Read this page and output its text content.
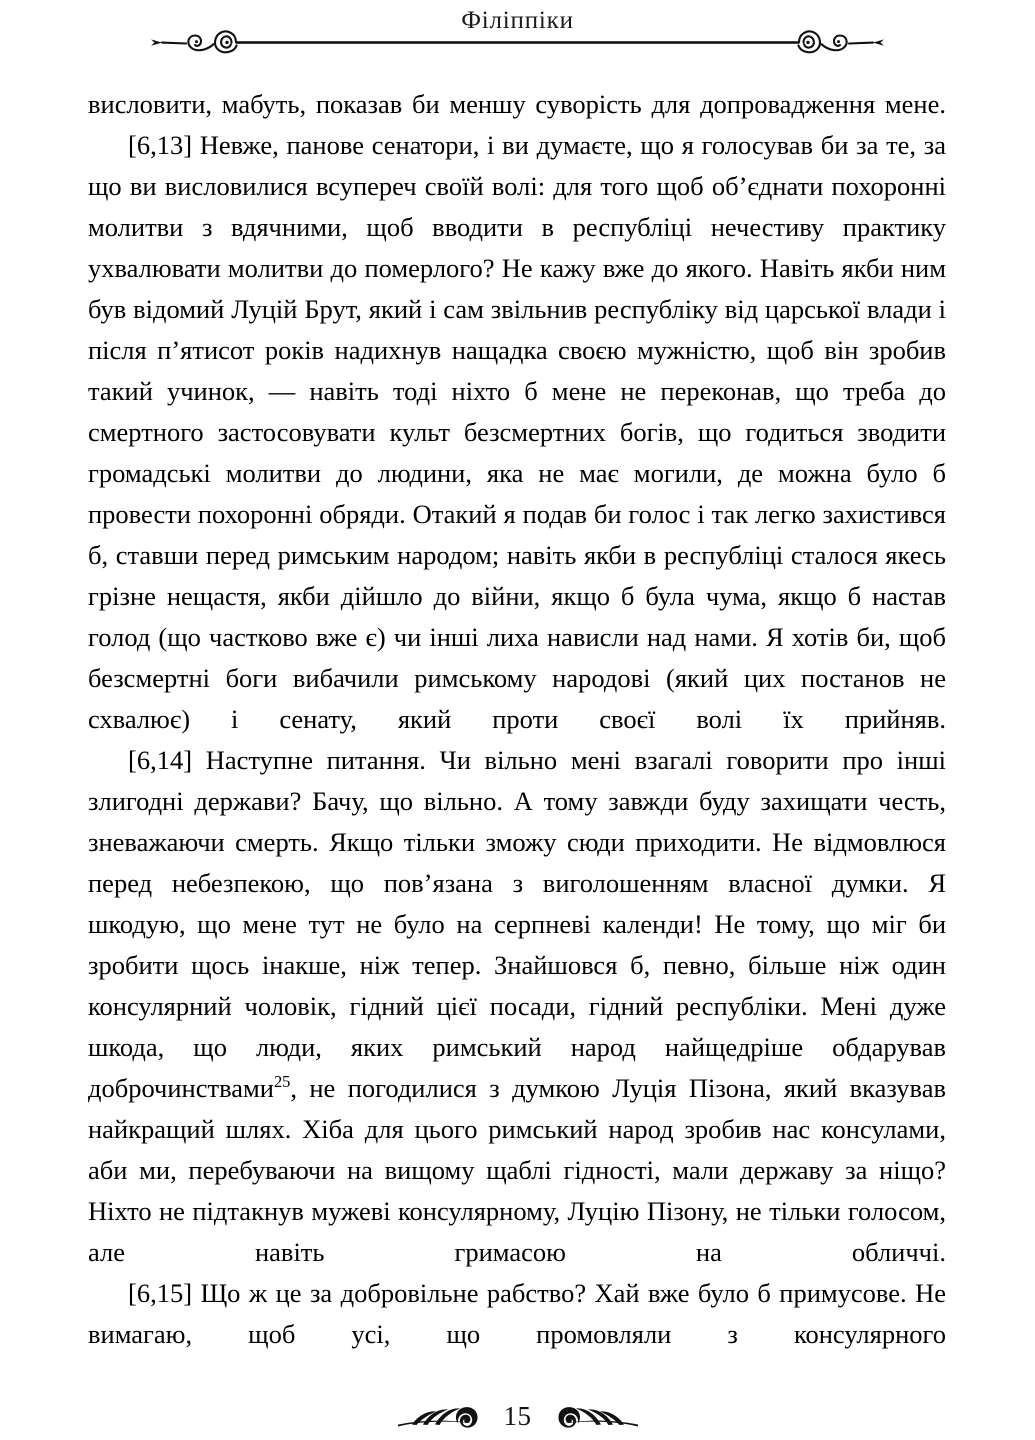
Філіппіки

висловити, мабуть, показав би меншу суворість для допровадження мене.

[6,13] Невже, панове сенатори, і ви думаєте, що я голосував би за те, за що ви висловилися всупереч своїй волі: для того щоб об’єднати похоронні молитви з вдячними, щоб вводити в республіці нечестиву практику ухвалювати молитви до померлого? Не кажу вже до якого. Навіть якби ним був відомий Луцій Брут, який і сам звільнив республіку від царської влади і після п’ятисот років надихнув нащадка своєю мужністю, щоб він зробив такий учинок, — навіть тоді ніхто б мене не переконав, що треба до смертного застосовувати культ безсмертних богів, що годиться зводити громадські молитви до людини, яка не має могили, де можна було б провести похоронні обряди. Отакий я подав би голос і так легко захистився б, ставши перед римським народом; навіть якби в республіці сталося якесь грізне нещастя, якби дійшло до війни, якщо б була чума, якщо б настав голод (що частково вже є) чи інші лиха нависли над нами. Я хотів би, щоб безсмертні боги вибачили римському народові (який цих постанов не схвалює) і сенату, який проти своєї волі їх прийняв.

[6,14] Наступне питання. Чи вільно мені взагалі говорити про інші злигодні держави? Бачу, що вільно. А тому завжди буду захищати честь, зневажаючи смерть. Якщо тільки зможу сюди приходити. Не відмовлюся перед небезпекою, що пов’язана з виголошенням власної думки. Я шкодую, що мене тут не було на серпневі календи! Не тому, що міг би зробити щось інакше, ніж тепер. Знайшовся б, певно, більше ніж один консулярний чоловік, гідний цієї посади, гідний республіки. Мені дуже шкода, що люди, яких римський народ найщедріше обдарував доброчинствами$^{25}$, не погодилися з думкою Луція Пізона, який вказував найкращий шлях. Хіба для цього римський народ зробив нас консулами, аби ми, перебуваючи на вищому щаблі гідності, мали державу за ніщо? Ніхто не підтакнув мужеві консулярному, Луцію Пізону, не тільки голосом, але навіть гримасою на обличчі.

[6,15] Що ж це за добровільне рабство? Хай вже було б примусове. Не вимагаю, щоб усі, що промовляли з консулярного

15
